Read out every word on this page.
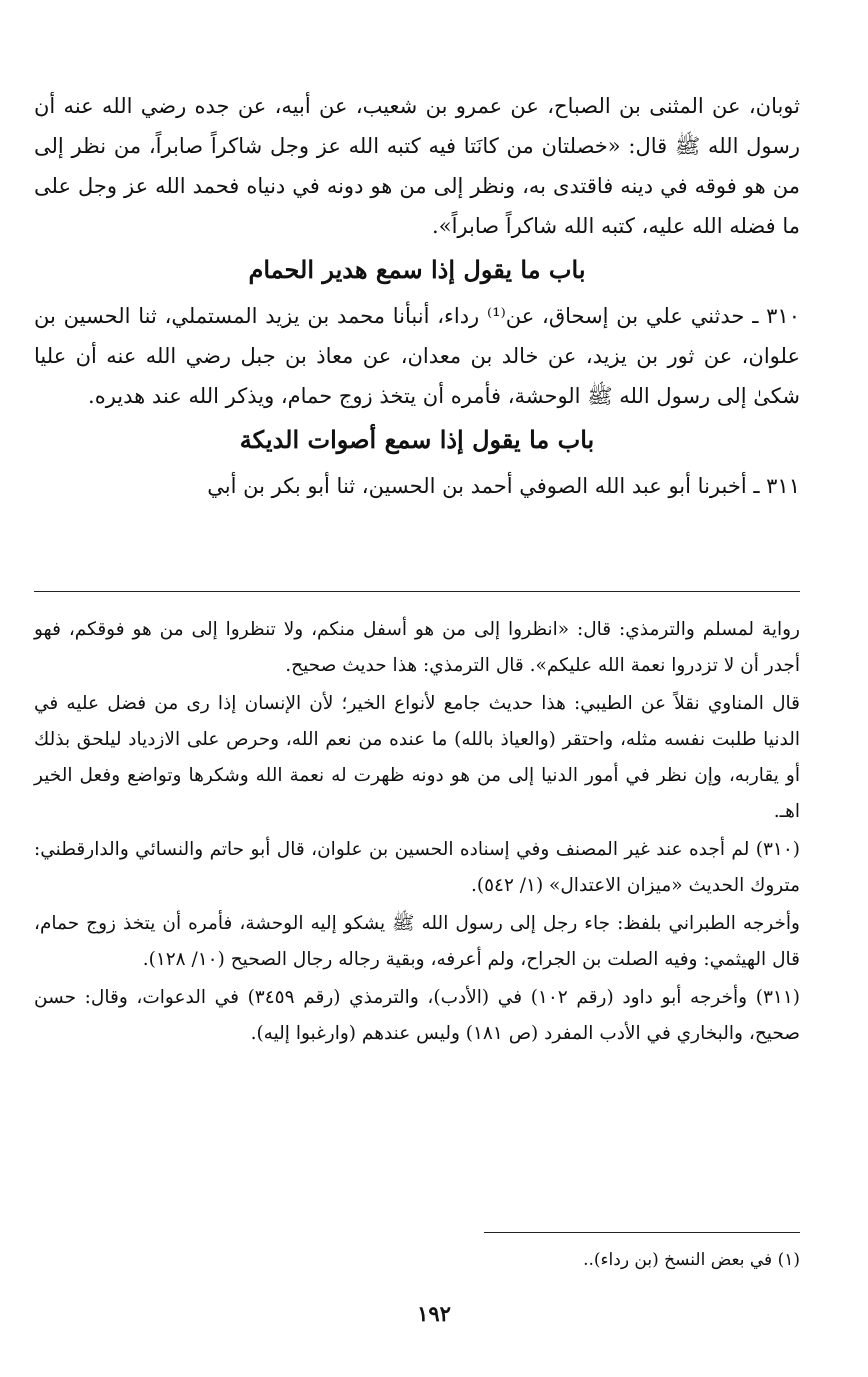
ثوبان، عن المثنى بن الصباح، عن عمرو بن شعيب، عن أبيه، عن جده رضي الله عنه أن رسول الله ﷺ قال: «خصلتان من كانَتا فيه كتبه الله عز وجل شاكراً صابراً، من نظر إلى من هو فوقه في دينه فاقتدى به، ونظر إلى من هو دونه في دنياه فحمد الله عز وجل على ما فضله الله عليه، كتبه الله شاكراً صابراً».

باب ما يقول إذا سمع هدير الحمام

٣١٠ ـ حدثني علي بن إسحاق، عن⁽¹⁾ رداء، أنبأنا محمد بن يزيد المستملي، ثنا الحسين بن علوان، عن ثور بن يزيد، عن خالد بن معدان، عن معاذ بن جبل رضي الله عنه أن عليا شكىٰ إلى رسول الله ﷺ الوحشة، فأمره أن يتخذ زوج حمام، ويذكر الله عند هديره.

باب ما يقول إذا سمع أصوات الديكة

٣١١ ـ أخبرنا أبو عبد الله الصوفي أحمد بن الحسين، ثنا أبو بكر بن أبي

رواية لمسلم والترمذي: قال: «انظروا إلى من هو أسفل منكم، ولا تنظروا إلى من هو فوقكم، فهو أجدر أن لا تزدروا نعمة الله عليكم». قال الترمذي: هذا حديث صحيح.

قال المناوي نقلاً عن الطيبي: هذا حديث جامع لأنواع الخير؛ لأن الإنسان إذا رى من فضل عليه في الدنيا طلبت نفسه مثله، واحتقر (والعياذ بالله) ما عنده من نعم الله، وحرص على الازدياد ليلحق بذلك أو يقاربه، وإن نظر في أمور الدنيا إلى من هو دونه ظهرت له نعمة الله وشكرها وتواضع وفعل الخير اهـ.

(٣١٠) لم أجده عند غير المصنف وفي إسناده الحسين بن علوان، قال أبو حاتم والنسائي والدارقطني: متروك الحديث «ميزان الاعتدال» (١/ ٥٤٢).

وأخرجه الطبراني بلفظ: جاء رجل إلى رسول الله ﷺ يشكو إليه الوحشة، فأمره أن يتخذ زوج حمام، قال الهيثمي: وفيه الصلت بن الجراح، ولم أعرفه، وبقية رجاله رجال الصحيح (١٠/ ١٢٨).

(٣١١) وأخرجه أبو داود (رقم ١٠٢) في (الأدب)، والترمذي (رقم ٣٤٥٩) في الدعوات، وقال: حسن صحيح، والبخاري في الأدب المفرد (ص ١٨١) وليس عندهم (وارغبوا إليه).

(١) في بعض النسخ (بن رداء)..
١٩٢
